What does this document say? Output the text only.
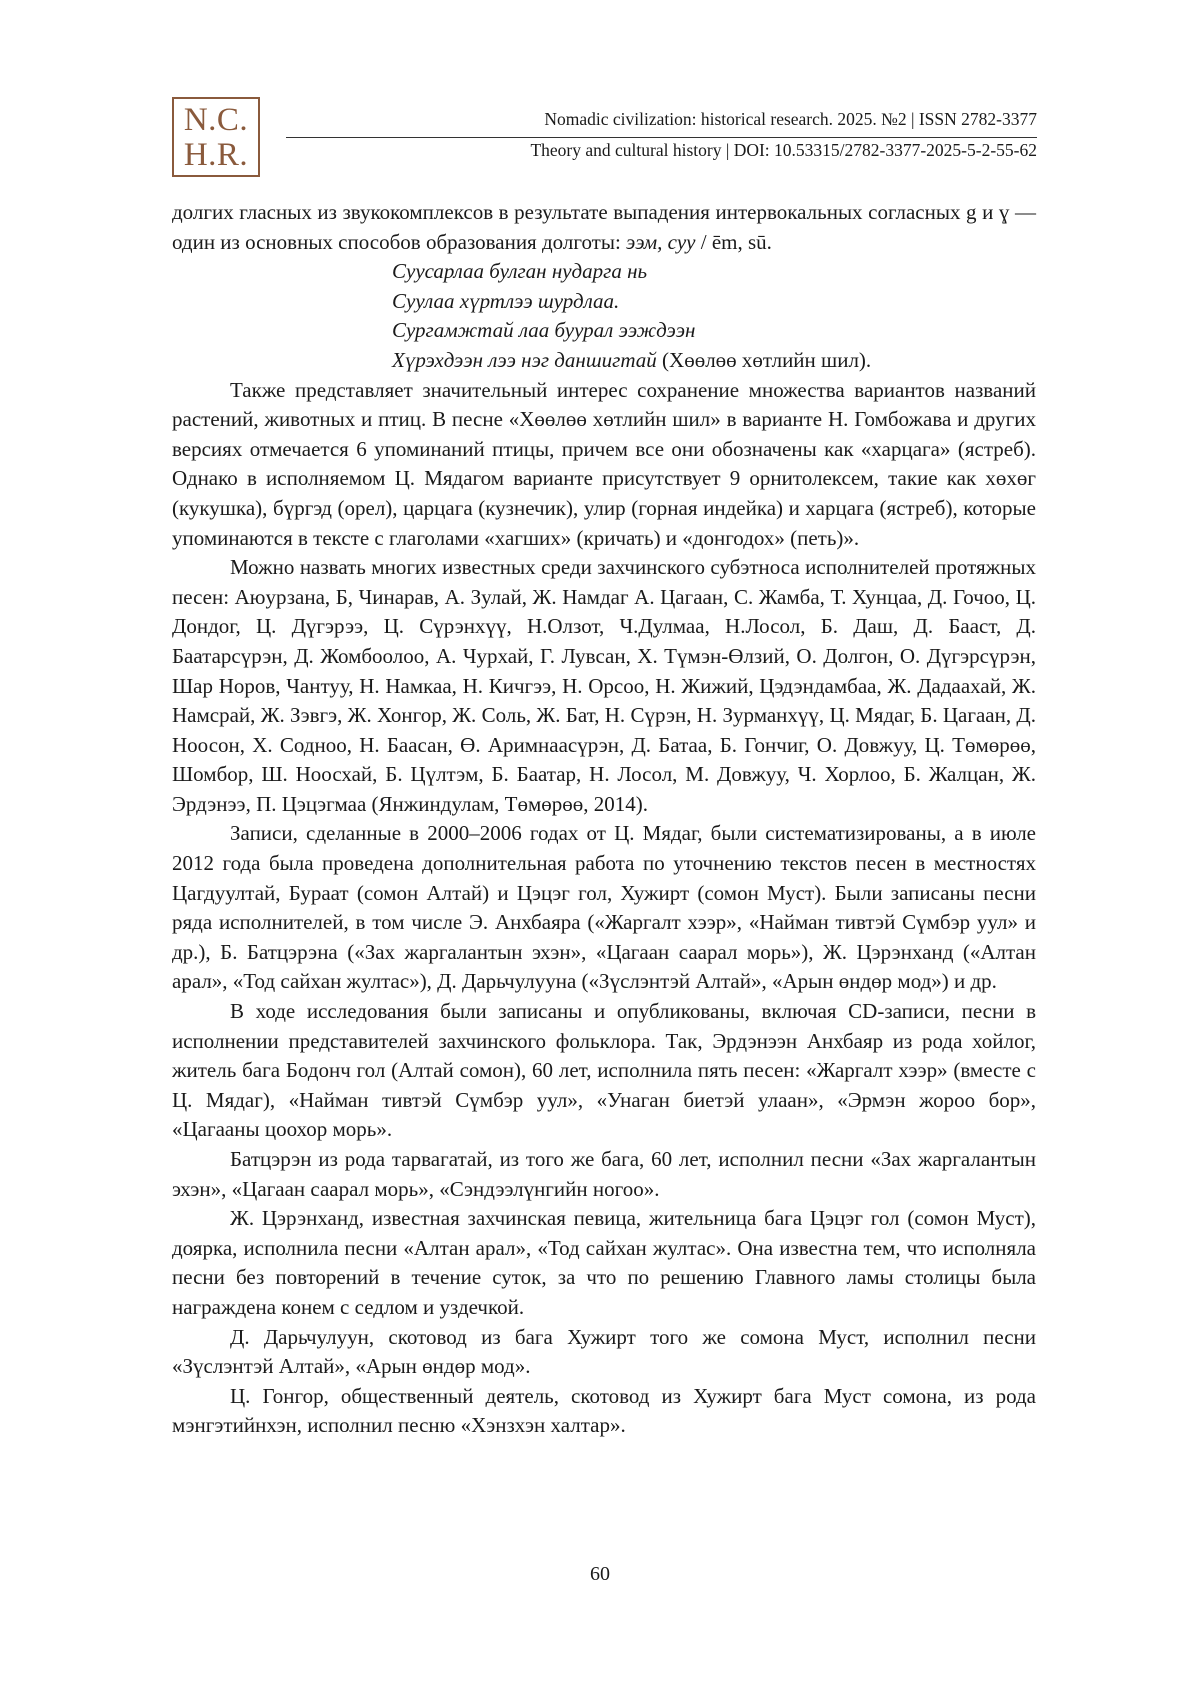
N.C.
H.R.
Nomadic civilization: historical research. 2025. №2 | ISSN 2782-3377
Theory and cultural history | DOI: 10.53315/2782-3377-2025-5-2-55-62

долгих гласных из звукокомплексов в результате выпадения интервокальных согласных g и ɣ — один из основных способов образования долготы: ээм, суу / ēm, sū.

Суусарлаа булган нударга нь
Суулаа хүртлээ шурдлаа.
Сургамжтай лаа буурал ээждээн
Хүрэхдээн лээ нэг даншигтай (Хөөлөө хөтлийн шил).

Также представляет значительный интерес сохранение множества вариантов названий растений, животных и птиц. В песне «Хөөлөө хөтлийн шил» в варианте Н. Гомбожава и других версиях отмечается 6 упоминаний птицы, причем все они обозначены как «харцага» (ястреб). Однако в исполняемом Ц. Мядагом варианте присутствует 9 орнитолексем, такие как хөхөг (кукушка), бүргэд (орел), царцага (кузнечик), улир (горная индейка) и харцага (ястреб), которые упоминаются в тексте с глаголами «хагших» (кричать) и «донгодох» (петь)».

Можно назвать многих известных среди захчинского субэтноса исполнителей протяжных песен: Аюурзана, Б, Чинарав, А. Зулай, Ж. Намдаг А. Цагаан, С. Жамба, Т. Хунцаа, Д. Гочоо, Ц. Дондог, Ц. Дүгэрээ, Ц. Сүрэнхүү, Н.Олзот, Ч.Дулмаа, Н.Лосол, Б. Даш, Д. Бааст, Д. Баатарсүрэн, Д. Жомбоолоо, А. Чурхай, Г. Лувсан, Х. Түмэн-Өлзий, О. Долгон, О. Дүгэрсүрэн, Шар Норов, Чантуу, Н. Намкаа, Н. Кичгээ, Н. Орсоо, Н. Жижий, Цэдэндамбаа, Ж. Дадаахай, Ж. Намсрай, Ж. Зэвгэ, Ж. Хонгор, Ж. Соль, Ж. Бат, Н. Сүрэн, Н. Зурманхүү, Ц. Мядаг, Б. Цагаан, Д. Ноосон, Х. Содноо, Н. Баасан, Ө. Аримнаасүрэн, Д. Батаа, Б. Гончиг, О. Довжуу, Ц. Төмөрөө, Шомбор, Ш. Ноосхай, Б. Цүлтэм, Б. Баатар, Н. Лосол, М. Довжуу, Ч. Хорлоо, Б. Жалцан, Ж. Эрдэнээ, П. Цэцэгмаа (Янжиндулам, Төмөрөө, 2014).

Записи, сделанные в 2000–2006 годах от Ц. Мядаг, были систематизированы, а в июле 2012 года была проведена дополнительная работа по уточнению текстов песен в местностях Цагдуултай, Бураат (сомон Алтай) и Цэцэг гол, Хужирт (сомон Муст). Были записаны песни ряда исполнителей, в том числе Э. Анхбаяра («Жаргалт хээр», «Найман тивтэй Сүмбэр уул» и др.), Б. Батцэрэна («Зах жаргалантын эхэн», «Цагаан саарал морь»), Ж. Цэрэнханд («Алтан арал», «Тод сайхан жултас»), Д. Дарьчулууна («Зүслэнтэй Алтай», «Арын өндөр мод») и др.

В ходе исследования были записаны и опубликованы, включая CD-записи, песни в исполнении представителей захчинского фольклора. Так, Эрдэнээн Анхбаяр из рода хойлог, житель бага Бодонч гол (Алтай сомон), 60 лет, исполнила пять песен: «Жаргалт хээр» (вместе с Ц. Мядаг), «Найман тивтэй Сүмбэр уул», «Унаган биетэй улаан», «Эрмэн жороо бор», «Цагааны цоохор морь».

Батцэрэн из рода тарвагатай, из того же бага, 60 лет, исполнил песни «Зах жаргалантын эхэн», «Цагаан саарал морь», «Сэндээлүнгийн ногоо».

Ж. Цэрэнханд, известная захчинская певица, жительница бага Цэцэг гол (сомон Муст), доярка, исполнила песни «Алтан арал», «Тод сайхан жултас». Она известна тем, что исполняла песни без повторений в течение суток, за что по решению Главного ламы столицы была награждена конем с седлом и уздечкой.

Д. Дарьчулуун, скотовод из бага Хужирт того же сомона Муст, исполнил песни «Зүслэнтэй Алтай», «Арын өндөр мод».

Ц. Гонгор, общественный деятель, скотовод из Хужирт бага Муст сомона, из рода мэнгэтийнхэн, исполнил песню «Хэнзхэн халтар».

60
